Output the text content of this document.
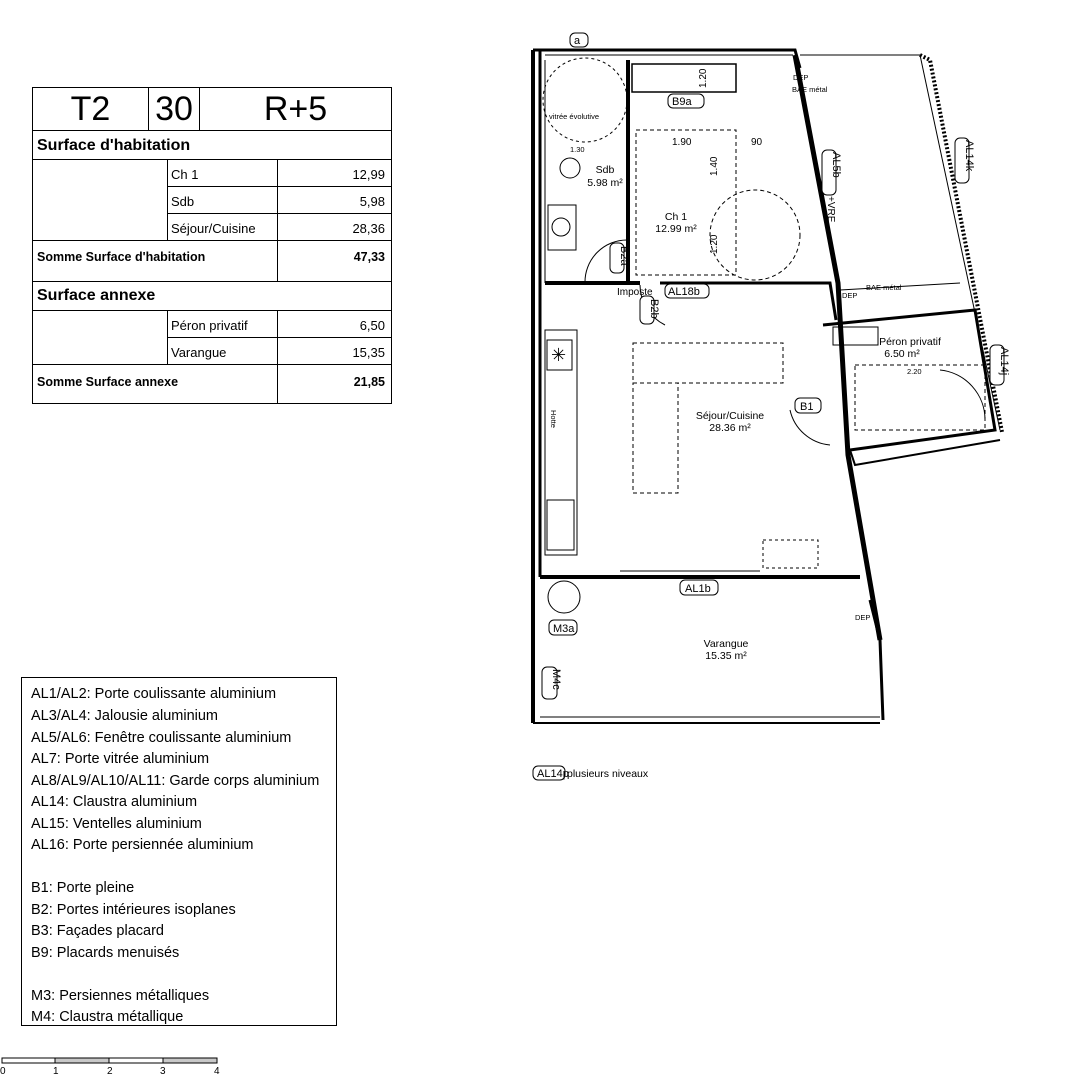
T2	30	R+5
Surface d'habitation
Ch 1	12,99
Sdb	5,98
Séjour/Cuisine	28,36
Somme Surface d'habitation	47,33
Surface annexe
Péron privatif	6,50
Varangue	15,35
Somme Surface annexe	21,85
AL1/AL2: Porte coulissante aluminium
AL3/AL4: Jalousie aluminium
AL5/AL6: Fenêtre coulissante aluminium
AL7: Porte vitrée aluminium
AL8/AL9/AL10/AL11: Garde corps aluminium
AL14: Claustra aluminium
AL15: Ventelles aluminium
AL16: Porte persiennée aluminium
B1: Porte pleine
B2: Portes intérieures isoplanes
B3: Façades placard
B9: Placards menuisés
M3: Persiennes métalliques
M4: Claustra métallique
a
B9a
AL5b	AL14k
B2a
B2b
AL18b
AL14j
B1
AL1b
M3a
M4c
AL14p
Sdb
5.98 m²
Ch 1
12.99 m²
Séjour/Cuisine
28.36 m²
Péron privatif
6.50 m²
Varangue
15.35 m²
vitrée évolutive
1.30
1.20
1.90	90
1.40
1.20
+VRE
DEP
BAE métal
Imposte	DEP
BAE métal
2.20
DEP
Hotte
plusieurs niveaux
✳
0	1	2	3	4
